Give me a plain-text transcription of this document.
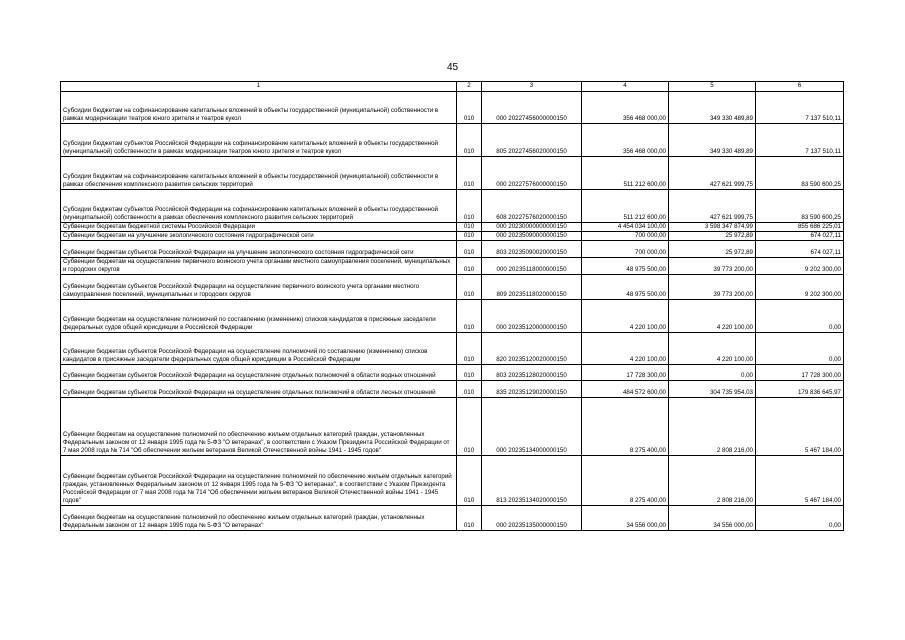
45
1	2	3	4	5	6
Субсидии бюджетам на софинансирование капитальных вложений в объекты государственной (муниципальной) собственности в рамках модернизации театров юного зрителя и театров кукол	010	000 20227456000000150	356 468 000,00	349 330 489,89	7 137 510,11
Субсидии бюджетам субъектов Российской Федерации на софинансирование капитальных вложений в объекты государственной (муниципальной) собственности в рамках модернизации театров юного зрителя и театров кукол	010	805 20227456020000150	356 468 000,00	349 330 489,89	7 137 510,11
Субсидии бюджетам на софинансирование капитальных вложений в объекты государственной (муниципальной) собственности в рамках обеспечения комплексного развития сельских территорий	010	000 20227576000000150	511 212 600,00	427 621 999,75	83 590 600,25
Субсидии бюджетам субъектов Российской Федерации на софинансирование капитальных вложений в объекты государственной (муниципальной) собственности в рамках обеспечения комплексного развития сельских территорий	010	608 20227576020000150	511 212 600,00	427 621 999,75	83 590 600,25
Субвенции бюджетам бюджетной системы Российской Федерации	010	000 20230000000000150	4 454 034 100,00	3 598 347 874,99	855 686 225,01
Субвенции бюджетам на улучшение экологического состояния гидрографической сети	010	000 20235090000000150	700 000,00	25 972,89	674 027,11
Субвенции бюджетам субъектов Российской Федерации на улучшение экологического состояния гидрографической сети	010	803 20235090020000150	700 000,00	25 972,89	674 027,11
Субвенции бюджетам на осуществление первичного воинского учета органами местного самоуправления поселений, муниципальных и городских округов	010	000 20235118000000150	48 975 500,00	39 773 200,00	9 202 300,00
Субвенции бюджетам субъектов Российской Федерации на осуществление первичного воинского учета органами местного самоуправления поселений, муниципальных и городских округов	010	809 20235118020000150	48 975 500,00	39 773 200,00	9 202 300,00
Субвенции бюджетам на осуществление полномочий по составлению (изменению) списков кандидатов в присяжные заседатели федеральных судов общей юрисдикции в Российской Федерации	010	000 20235120000000150	4 220 100,00	4 220 100,00	0,00
Субвенции бюджетам субъектов Российской Федерации на осуществление полномочий по составлению (изменению) списков кандидатов в присяжные заседатели федеральных судов общей юрисдикции в Российской Федерации	010	820 20235120020000150	4 220 100,00	4 220 100,00	0,00
Субвенции бюджетам субъектов Российской Федерации на осуществление отдельных полномочий в области водных отношений	010	803 20235128020000150	17 728 300,00	0,00	17 728 300,00
Субвенции бюджетам субъектов Российской Федерации на осуществление отдельных полномочий в области лесных отношений	010	835 20235129020000150	484 572 600,00	304 735 954,03	179 836 645,97
Субвенции бюджетам на осуществление полномочий по обеспечению жильем отдельных категорий граждан, установленных Федеральным законом от 12 января 1995 года № 5-ФЗ "О ветеранах", в соответствии с Указом Президента Российской Федерации от 7 мая 2008 года № 714 "Об обеспечении жильем ветеранов Великой Отечественной войны 1941 - 1945 годов"	010	000 20235134000000150	8 275 400,00	2 808 216,00	5 467 184,00
Субвенции бюджетам субъектов Российской Федерации на осуществление полномочий по обеспечению жильем отдельных категорий граждан, установленных Федеральным законом от 12 января 1995 года № 5-ФЗ "О ветеранах", в соответствии с Указом Президента Российской Федерации от 7 мая 2008 года № 714 "Об обеспечении жильем ветеранов Великой Отечественной войны 1941 - 1945 годов"	010	813 20235134020000150	8 275 400,00	2 808 216,00	5 467 184,00
Субвенции бюджетам на осуществление полномочий по обеспечению жильем отдельных категорий граждан, установленных Федеральным законом от 12 января 1995 года № 5-ФЗ "О ветеранах"	010	000 20235135000000150	34 556 000,00	34 556 000,00	0,00
